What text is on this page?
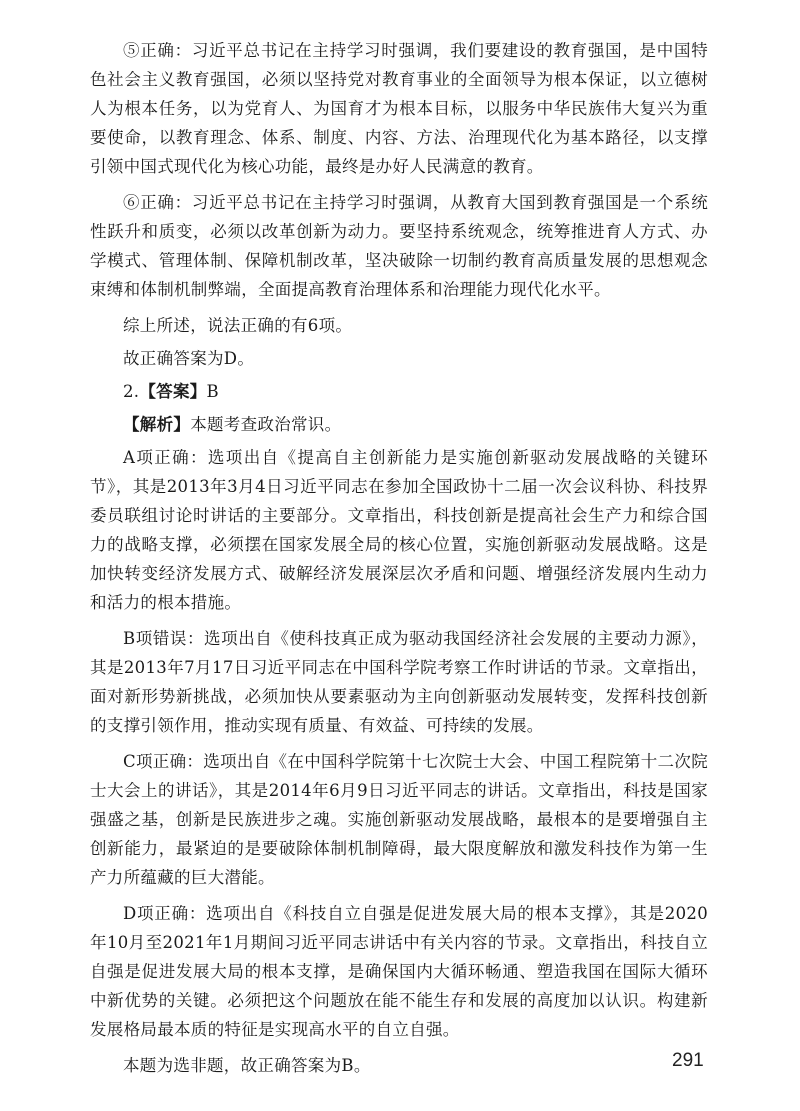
⑤正确：习近平总书记在主持学习时强调，我们要建设的教育强国，是中国特色社会主义教育强国，必须以坚持党对教育事业的全面领导为根本保证，以立德树人为根本任务，以为党育人、为国育才为根本目标，以服务中华民族伟大复兴为重要使命，以教育理念、体系、制度、内容、方法、治理现代化为基本路径，以支撑引领中国式现代化为核心功能，最终是办好人民满意的教育。

⑥正确：习近平总书记在主持学习时强调，从教育大国到教育强国是一个系统性跃升和质变，必须以改革创新为动力。要坚持系统观念，统筹推进育人方式、办学模式、管理体制、保障机制改革，坚决破除一切制约教育高质量发展的思想观念束缚和体制机制弊端，全面提高教育治理体系和治理能力现代化水平。

综上所述，说法正确的有6项。

故正确答案为D。

2.【答案】B

【解析】本题考查政治常识。

A项正确：选项出自《提高自主创新能力是实施创新驱动发展战略的关键环节》，其是2013年3月4日习近平同志在参加全国政协十二届一次会议科协、科技界委员联组讨论时讲话的主要部分。文章指出，科技创新是提高社会生产力和综合国力的战略支撑，必须摆在国家发展全局的核心位置，实施创新驱动发展战略。这是加快转变经济发展方式、破解经济发展深层次矛盾和问题、增强经济发展内生动力和活力的根本措施。

B项错误：选项出自《使科技真正成为驱动我国经济社会发展的主要动力源》，其是2013年7月17日习近平同志在中国科学院考察工作时讲话的节录。文章指出，面对新形势新挑战，必须加快从要素驱动为主向创新驱动发展转变，发挥科技创新的支撑引领作用，推动实现有质量、有效益、可持续的发展。

C项正确：选项出自《在中国科学院第十七次院士大会、中国工程院第十二次院士大会上的讲话》，其是2014年6月9日习近平同志的讲话。文章指出，科技是国家强盛之基，创新是民族进步之魂。实施创新驱动发展战略，最根本的是要增强自主创新能力，最紧迫的是要破除体制机制障碍，最大限度解放和激发科技作为第一生产力所蕴藏的巨大潜能。

D项正确：选项出自《科技自立自强是促进发展大局的根本支撑》，其是2020年10月至2021年1月期间习近平同志讲话中有关内容的节录。文章指出，科技自立自强是促进发展大局的根本支撑，是确保国内大循环畅通、塑造我国在国际大循环中新优势的关键。必须把这个问题放在能不能生存和发展的高度加以认识。构建新发展格局最本质的特征是实现高水平的自立自强。

本题为选非题，故正确答案为B。	291
